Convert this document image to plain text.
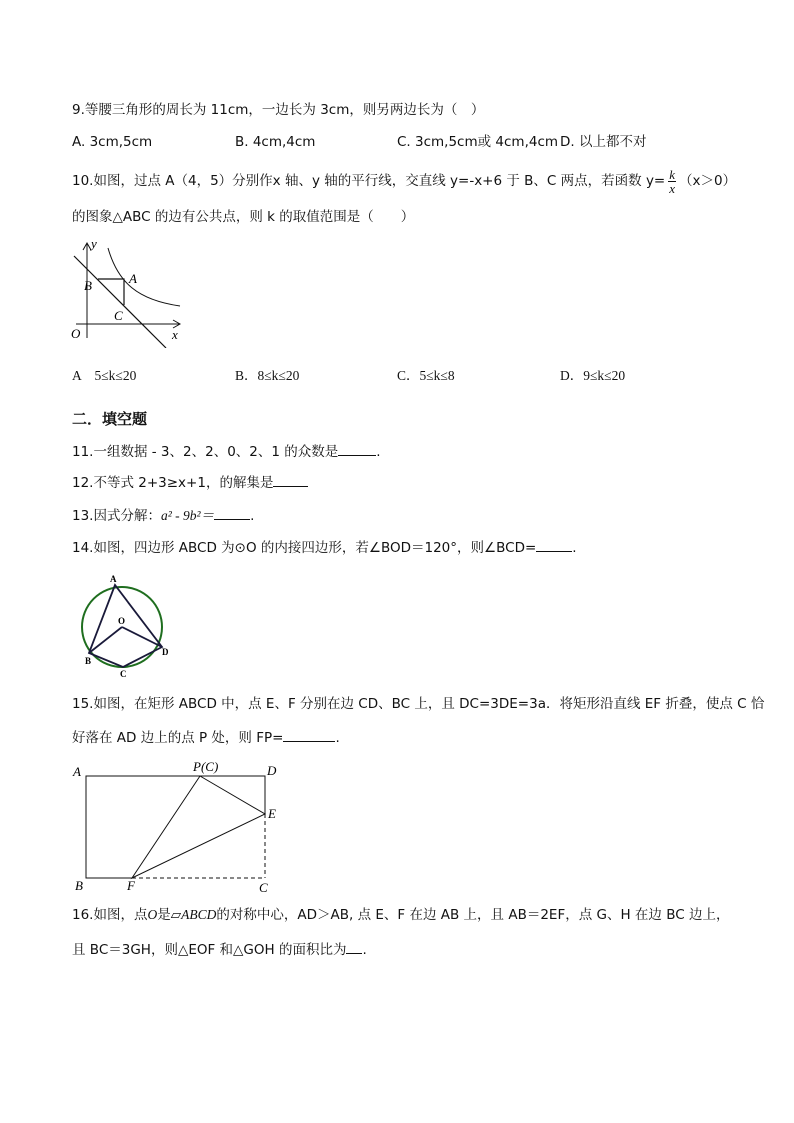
9.等腰三角形的周长为 11cm，一边长为 3cm，则另两边长为（　）
A. 3cm,5cm	B. 4cm,4cm	C. 3cm,5cm或 4cm,4cm D. 以上都不对
10.如图，过点 A（4，5）分别作x 轴、y 轴的平行线，交直线 y=-x+6 于 B、C 两点，若函数 $y= \frac{k}{x} (x>0)$
的图象△ABC 的边有公共点，则 k 的取值范围是（　　）
y
A
B
C
O	x
A　5≤k≤20	B．8≤k≤20	C．5≤k≤8	D．9≤k≤20
二．填空题
11.一组数据 - 3、2、2、0、2、1 的众数是	.
12.不等式 2+3≥x+1，的解集是
13.因式分解：a² - 9b²＝	.
14.如图，四边形 ABCD 为⊙O 的内接四边形，若∠BOD＝120°，则∠BCD=	.
A
O
B
C
D
15.如图，在矩形 ABCD 中，点 E、F 分别在边 CD、BC 上，且 DC=3DE=3a．将矩形沿直线 EF 折叠，使点 C 恰
好落在 AD 边上的点 P 处，则 FP=	.
A	P(C)	D
E
B	F	C
16.如图，点O是▱ABCD的对称中心，AD＞AB, 点 E、F 在边 AB 上，且 AB＝2EF，点 G、H 在边 BC 边上，
且 BC＝3GH，则△EOF 和△GOH 的面积比为 .
